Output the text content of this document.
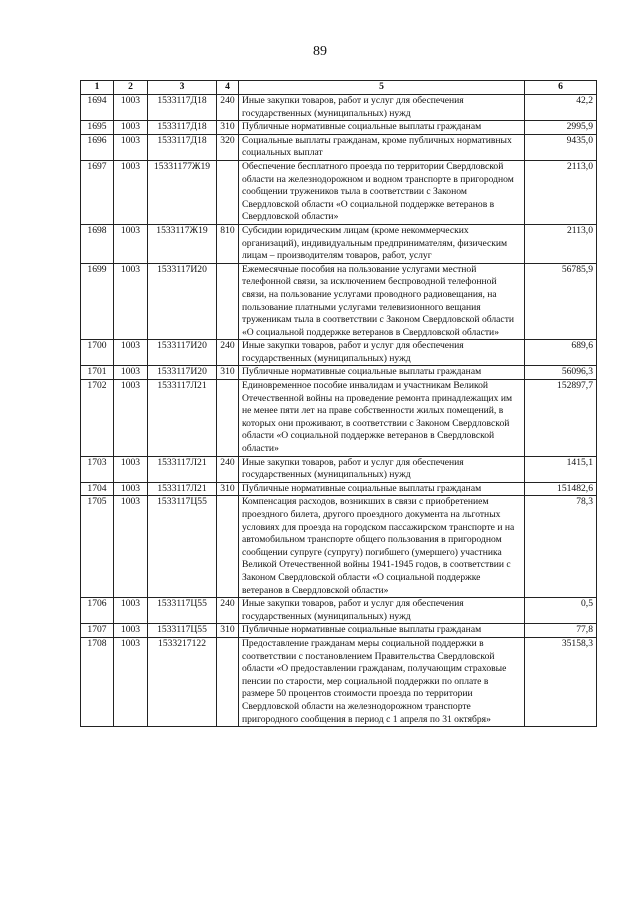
89
1	2	3	4	5	6
1694	1003	1533117Д18	240	Иные закупки товаров, работ и услуг для обеспечения государственных (муниципальных) нужд	42,2
1695	1003	1533117Д18	310	Публичные нормативные социальные выплаты гражданам	2995,9
1696	1003	1533117Д18	320	Социальные выплаты гражданам, кроме публичных нормативных социальных выплат	9435,0
1697	1003	15331177Ж19		Обеспечение бесплатного проезда по территории Свердловской области на железнодорожном и водном транспорте в пригородном сообщении тружеников тыла в соответствии с Законом Свердловской области «О социальной поддержке ветеранов в Свердловской области»	2113,0
1698	1003	1533117Ж19	810	Субсидии юридическим лицам (кроме некоммерческих организаций), индивидуальным предпринимателям, физическим лицам – производителям товаров, работ, услуг	2113,0
1699	1003	1533117И20		Ежемесячные пособия на пользование услугами местной телефонной связи, за исключением беспроводной телефонной связи, на пользование услугами проводного радиовещания, на пользование платными услугами телевизионного вещания труженикам тыла в соответствии с Законом Свердловской области «О социальной поддержке ветеранов в Свердловской области»	56785,9
1700	1003	1533117И20	240	Иные закупки товаров, работ и услуг для обеспечения государственных (муниципальных) нужд	689,6
1701	1003	1533117И20	310	Публичные нормативные социальные выплаты гражданам	56096,3
1702	1003	1533117Л21		Единовременное пособие инвалидам и участникам Великой Отечественной войны на проведение ремонта принадлежащих им не менее пяти лет на праве собственности жилых помещений, в которых они проживают, в соответствии с Законом Свердловской области «О социальной поддержке ветеранов в Свердловской области»	152897,7
1703	1003	1533117Л21	240	Иные закупки товаров, работ и услуг для обеспечения государственных (муниципальных) нужд	1415,1
1704	1003	1533117Л21	310	Публичные нормативные социальные выплаты гражданам	151482,6
1705	1003	1533117Ц55		Компенсация расходов, возникших в связи с приобретением проездного билета, другого проездного документа на льготных условиях для проезда на городском пассажирском транспорте и на автомобильном транспорте общего пользования в пригородном сообщении супруге (супругу) погибшего (умершего) участника Великой Отечественной войны 1941-1945 годов, в соответствии с Законом Свердловской области «О социальной поддержке ветеранов в Свердловской области»	78,3
1706	1003	1533117Ц55	240	Иные закупки товаров, работ и услуг для обеспечения государственных (муниципальных) нужд	0,5
1707	1003	1533117Ц55	310	Публичные нормативные социальные выплаты гражданам	77,8
1708	1003	1533217122		Предоставление гражданам меры социальной поддержки в соответствии с постановлением Правительства Свердловской области «О предоставлении гражданам, получающим страховые пенсии по старости, мер социальной поддержки по оплате в размере 50 процентов стоимости проезда по территории Свердловской области на железнодорожном транспорте пригородного сообщения в период с 1 апреля по 31 октября»	35158,3
